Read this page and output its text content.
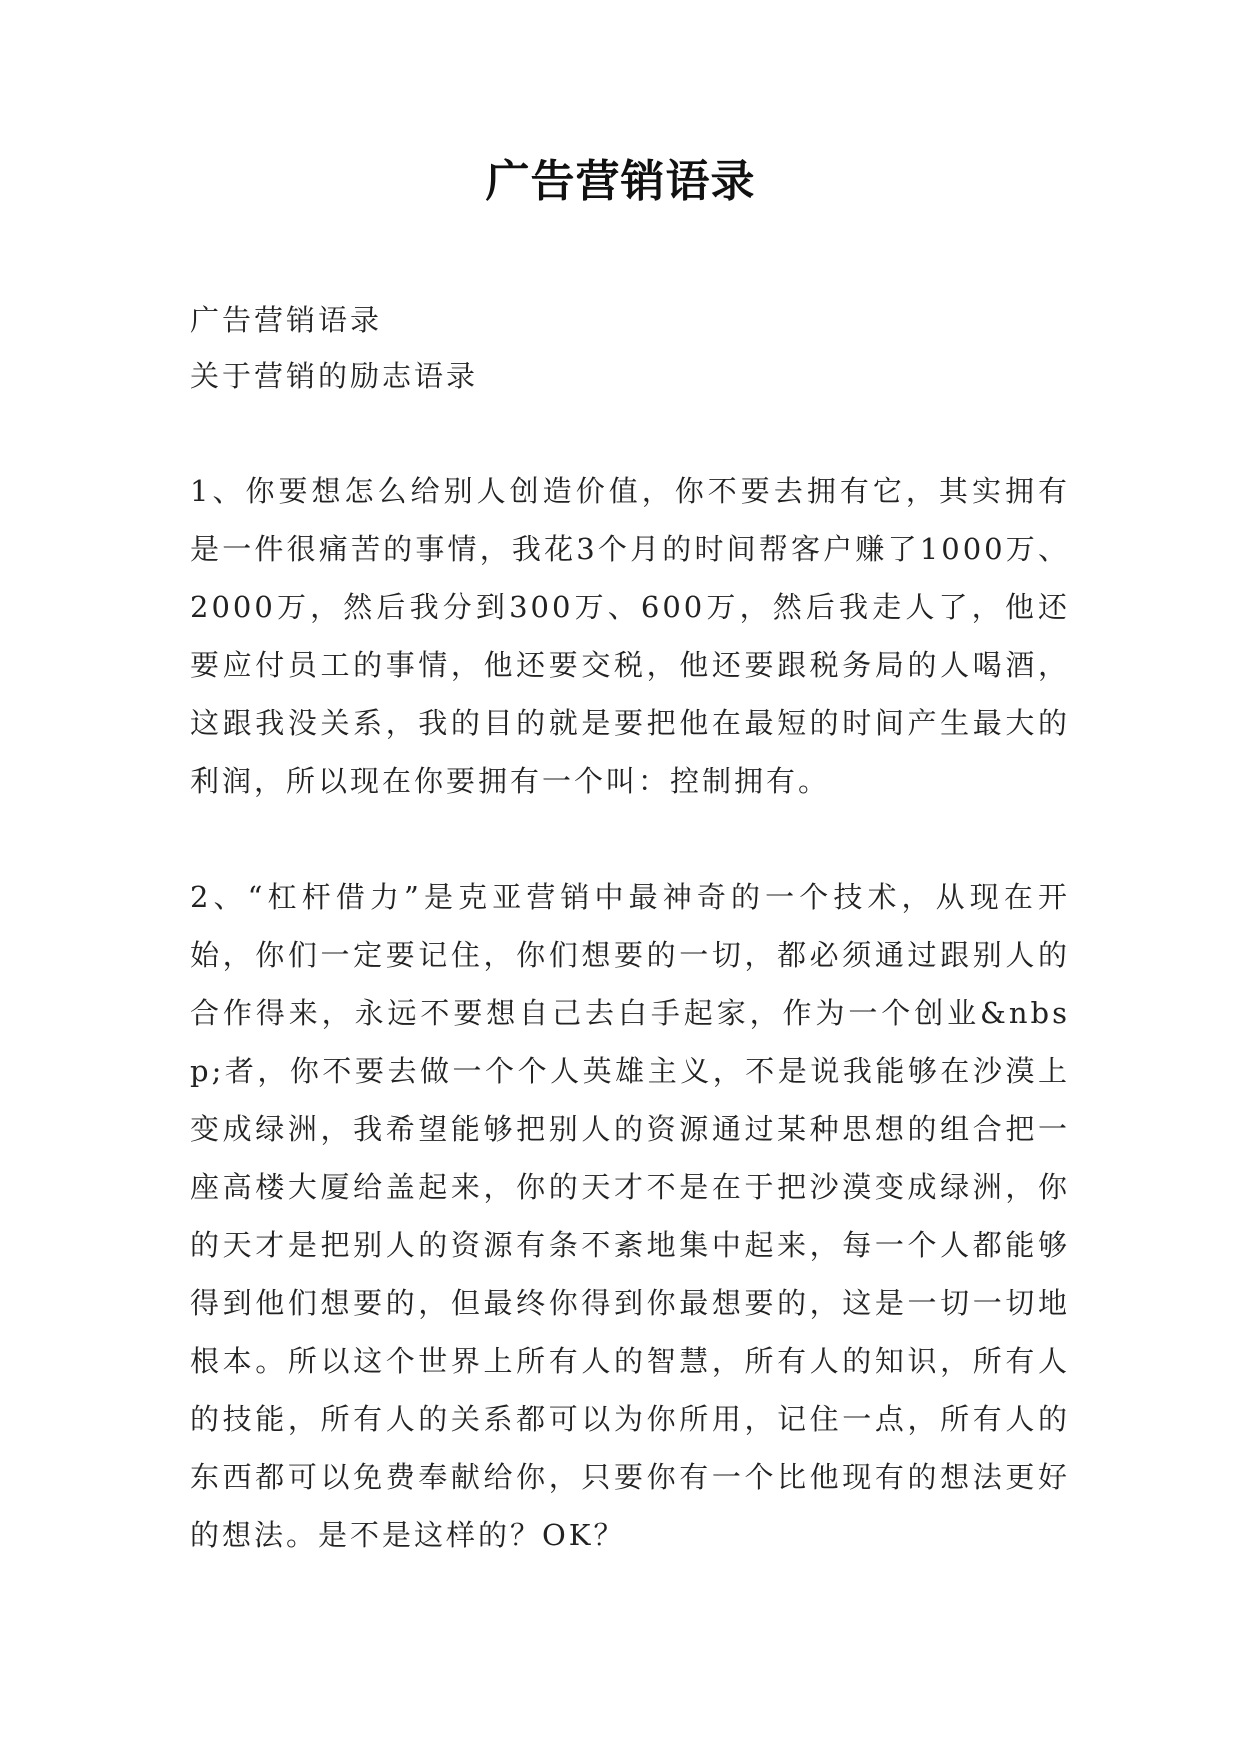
广告营销语录
广告营销语录
关于营销的励志语录

1、你要想怎么给别人创造价值，你不要去拥有它，其实拥有是一件很痛苦的事情，我花3个月的时间帮客户赚了1000万、2000万，然后我分到300万、600万，然后我走人了，他还要应付员工的事情，他还要交税，他还要跟税务局的人喝酒，这跟我没关系，我的目的就是要把他在最短的时间产生最大的利润，所以现在你要拥有一个叫：控制拥有。

2、“杠杆借力”是克亚营销中最神奇的一个技术，从现在开始，你们一定要记住，你们想要的一切，都必须通过跟别人的合作得来，永远不要想自己去白手起家，作为一个创业&nbsp;者，你不要去做一个个人英雄主义，不是说我能够在沙漠上变成绿洲，我希望能够把别人的资源通过某种思想的组合把一座高楼大厦给盖起来，你的天才不是在于把沙漠变成绿洲，你的天才是把别人的资源有条不紊地集中起来，每一个人都能够得到他们想要的，但最终你得到你最想要的，这是一切一切地根本。所以这个世界上所有人的智慧，所有人的知识，所有人的技能，所有人的关系都可以为你所用，记住一点，所有人的东西都可以免费奉献给你，只要你有一个比他现有的想法更好的想法。是不是这样的？OK？
